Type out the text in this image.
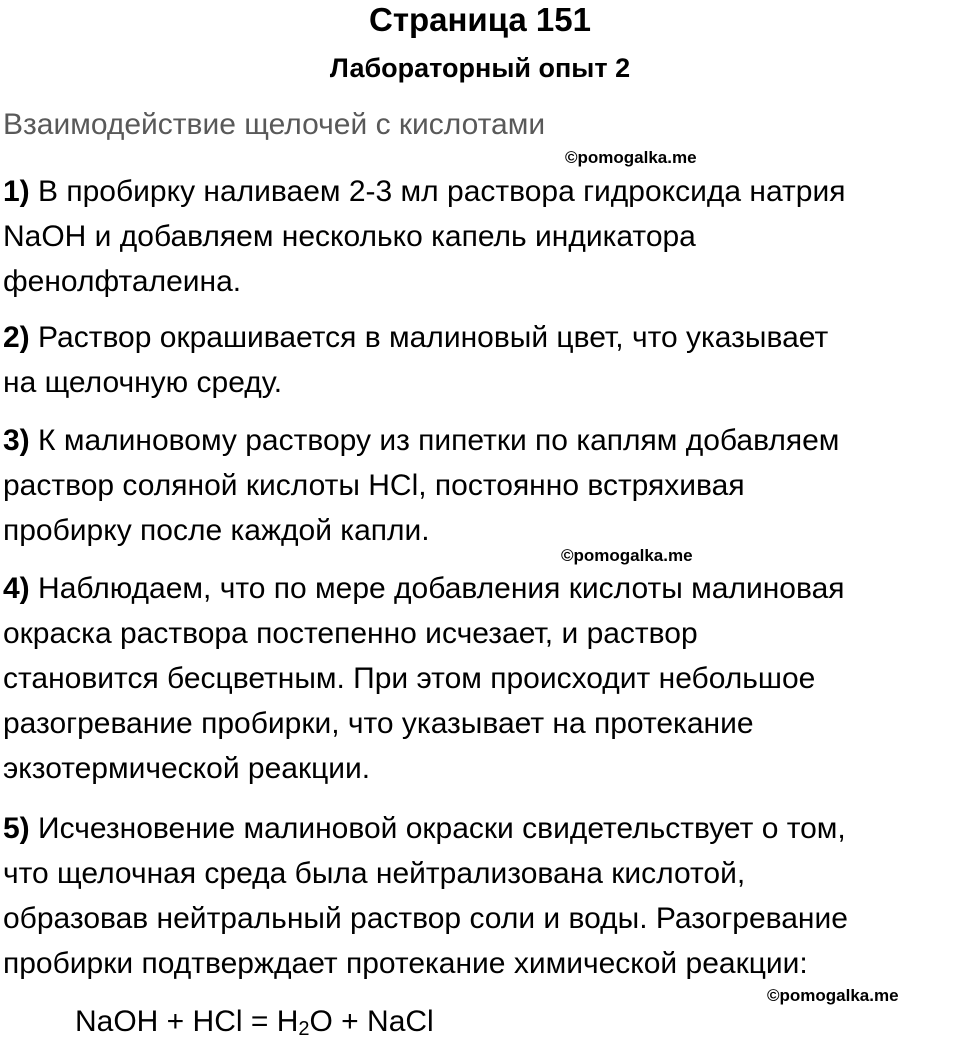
Страница 151
Лабораторный опыт 2

Взаимодействие щелочей с кислотами

©pomogalka.me
©pomogalka.me
©pomogalka.me
1) В пробирку наливаем 2-3 мл раствора гидроксида натрия
NaOH и добавляем несколько капель индикатора
фенолфталеина.
2) Раствор окрашивается в малиновый цвет, что указывает
на щелочную среду.
3) К малиновому раствору из пипетки по каплям добавляем
раствор соляной кислоты HCl, постоянно встряхивая
пробирку после каждой капли.
4) Наблюдаем, что по мере добавления кислоты малиновая
окраска раствора постепенно исчезает, и раствор
становится бесцветным. При этом происходит небольшое
разогревание пробирки, что указывает на протекание
экзотермической реакции.
5) Исчезновение малиновой окраски свидетельствует о том,
что щелочная среда была нейтрализована кислотой,
образовав нейтральный раствор соли и воды. Разогревание
пробирки подтверждает протекание химической реакции:

NaOH + HCl = $H_2O$ + NaCl
